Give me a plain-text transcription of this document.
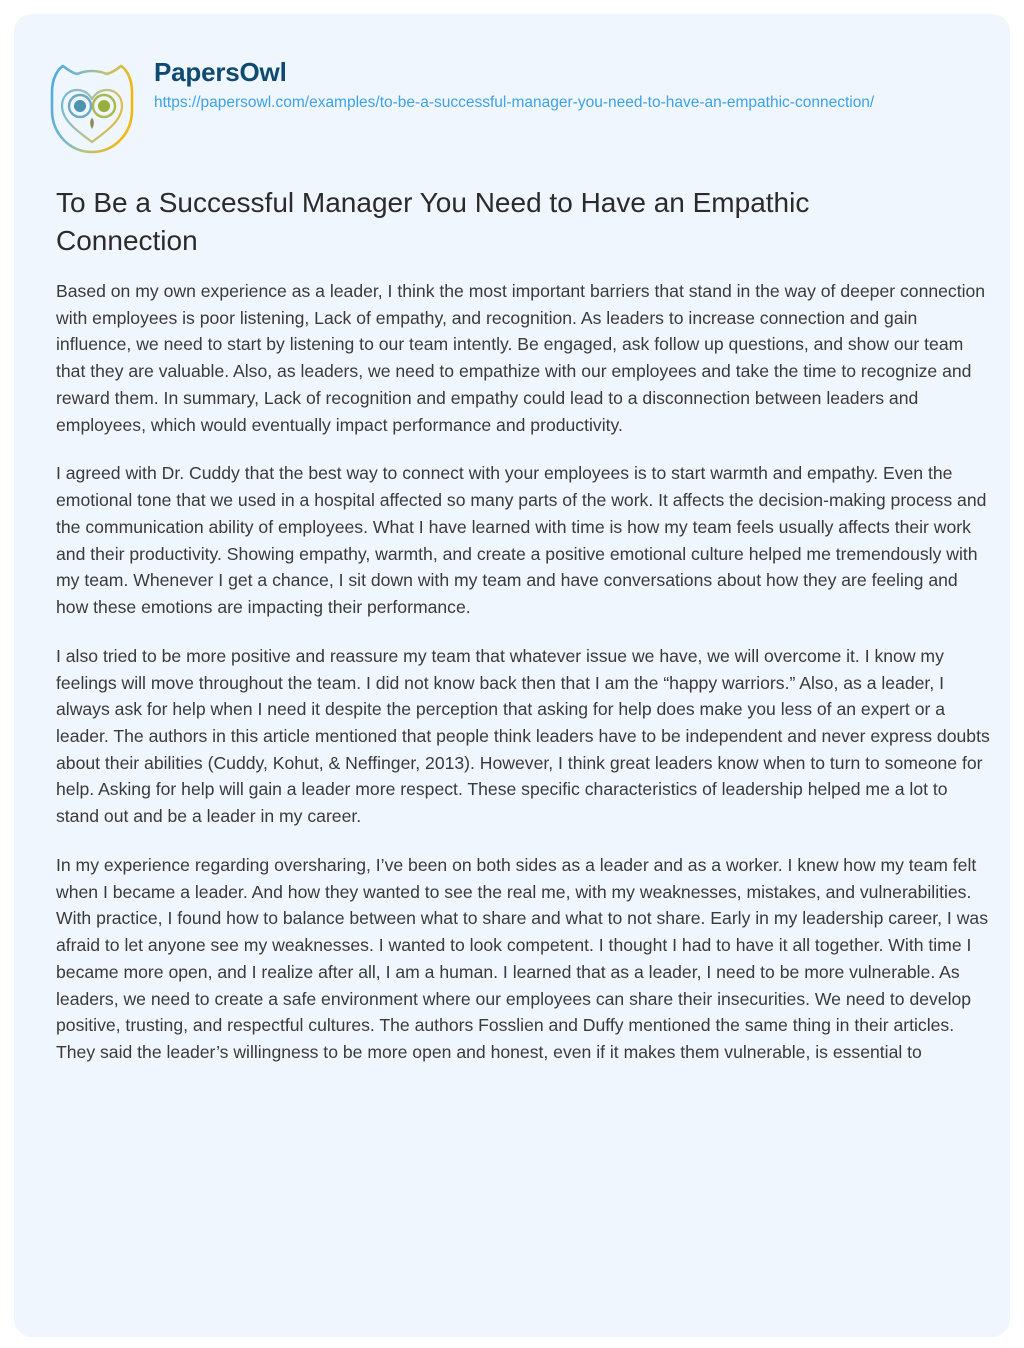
PapersOwl
https://papersowl.com/examples/to-be-a-successful-manager-you-need-to-have-an-empathic-connection/
To Be a Successful Manager You Need to Have an Empathic Connection

Based on my own experience as a leader, I think the most important barriers that stand in the way of deeper connection with employees is poor listening, Lack of empathy, and recognition. As leaders to increase connection and gain influence, we need to start by listening to our team intently. Be engaged, ask follow up questions, and show our team that they are valuable. Also, as leaders, we need to empathize with our employees and take the time to recognize and reward them. In summary, Lack of recognition and empathy could lead to a disconnection between leaders and employees, which would eventually impact performance and productivity.

I agreed with Dr. Cuddy that the best way to connect with your employees is to start warmth and empathy. Even the emotional tone that we used in a hospital affected so many parts of the work. It affects the decision-making process and the communication ability of employees. What I have learned with time is how my team feels usually affects their work and their productivity. Showing empathy, warmth, and create a positive emotional culture helped me tremendously with my team. Whenever I get a chance, I sit down with my team and have conversations about how they are feeling and how these emotions are impacting their performance.

I also tried to be more positive and reassure my team that whatever issue we have, we will overcome it. I know my feelings will move throughout the team. I did not know back then that I am the “happy warriors.” Also, as a leader, I always ask for help when I need it despite the perception that asking for help does make you less of an expert or a leader. The authors in this article mentioned that people think leaders have to be independent and never express doubts about their abilities (Cuddy, Kohut, & Neffinger, 2013). However, I think great leaders know when to turn to someone for help. Asking for help will gain a leader more respect. These specific characteristics of leadership helped me a lot to stand out and be a leader in my career.

In my experience regarding oversharing, I’ve been on both sides as a leader and as a worker. I knew how my team felt when I became a leader. And how they wanted to see the real me, with my weaknesses, mistakes, and vulnerabilities. With practice, I found how to balance between what to share and what to not share. Early in my leadership career, I was afraid to let anyone see my weaknesses. I wanted to look competent. I thought I had to have it all together. With time I became more open, and I realize after all, I am a human. I learned that as a leader, I need to be more vulnerable. As leaders, we need to create a safe environment where our employees can share their insecurities. We need to develop positive, trusting, and respectful cultures. The authors Fosslien and Duffy mentioned the same thing in their articles. They said the leader’s willingness to be more open and honest, even if it makes them vulnerable, is essential to
